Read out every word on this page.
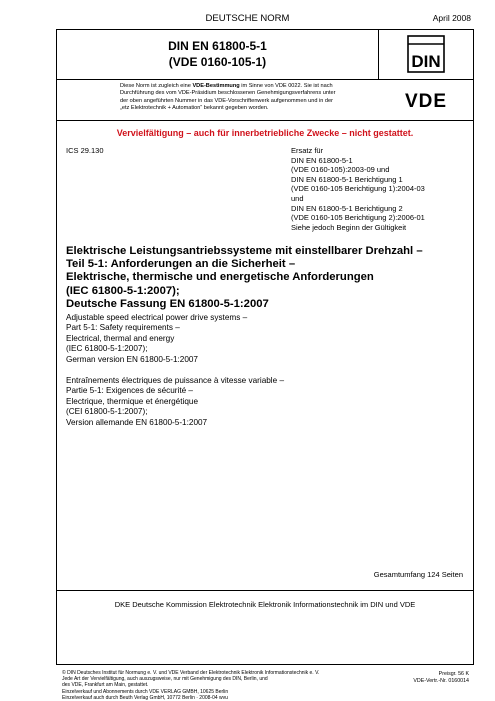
DEUTSCHE NORM	April 2008
DIN EN 61800-5-1
(VDE 0160-105-1)	DIN
VDE
Diese Norm ist zugleich eine VDE-Bestimmung im Sinne von VDE 0022. Sie ist nach
Durchführung des vom VDE-Präsidium beschlossenen Genehmigungsverfahrens unter
der oben angeführten Nummer in das VDE-Vorschriftenwerk aufgenommen und in der
„etz Elektrotechnik + Automation“ bekannt gegeben worden.
Vervielfältigung – auch für innerbetriebliche Zwecke – nicht gestattet.
ICS 29.130	Ersatz für
DIN EN 61800-5-1
(VDE 0160-105):2003-09 und
DIN EN 61800-5-1 Berichtigung 1
(VDE 0160-105 Berichtigung 1):2004-03
und
DIN EN 61800-5-1 Berichtigung 2
(VDE 0160-105 Berichtigung 2):2006-01
Siehe jedoch Beginn der Gültigkeit
Elektrische Leistungsantriebssysteme mit einstellbarer Drehzahl –
Teil 5-1: Anforderungen an die Sicherheit –
Elektrische, thermische und energetische Anforderungen
(IEC 61800-5-1:2007);
Deutsche Fassung EN 61800-5-1:2007
Adjustable speed electrical power drive systems –
Part 5-1: Safety requirements –
Electrical, thermal and energy
(IEC 61800-5-1:2007);
German version EN 61800-5-1:2007
Entraînements électriques de puissance à vitesse variable –
Partie 5-1: Exigences de sécurité –
Electrique, thermique et énergétique
(CEI 61800-5-1:2007);
Version allemande EN 61800-5-1:2007
Gesamtumfang 124 Seiten
DKE Deutsche Kommission Elektrotechnik Elektronik Informationstechnik im DIN und VDE
© DIN Deutsches Institut für Normung e. V. und VDE Verband der Elektrotechnik Elektronik Informationstechnik e. V.
Jede Art der Vervielfältigung, auch auszugsweise, nur mit Genehmigung des DIN, Berlin, und
des VDE, Frankfurt am Main, gestattet.
Einzelverkauf und Abonnements durch VDE VERLAG GMBH, 10625 Berlin
Einzelverkauf auch durch Beuth Verlag GmbH, 10772 Berlin · 2008-04 wvu
Preisgr. 56 K
VDE-Vertr.-Nr. 0160014
